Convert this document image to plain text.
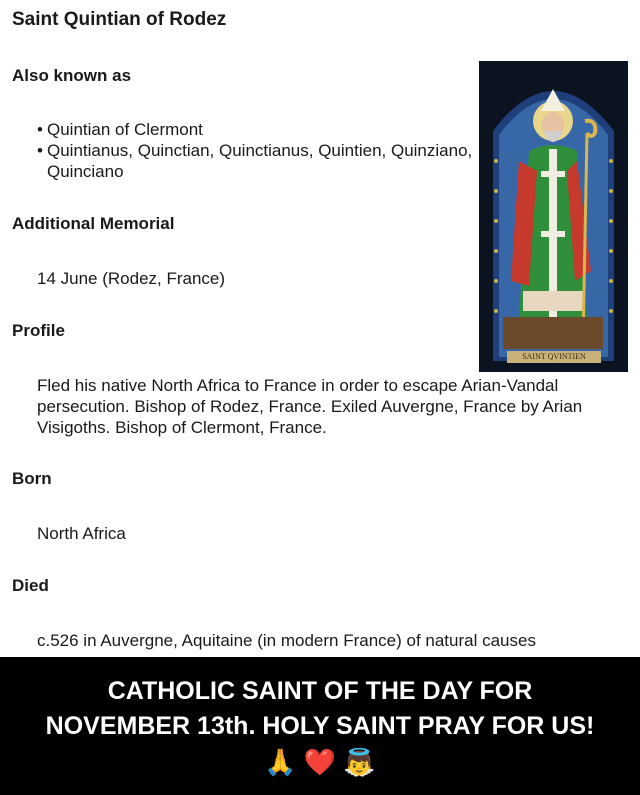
Saint Quintian of Rodez
Also known as
• Quintian of Clermont
• Quintianus, Quinctian, Quinctianus, Quintien, Quinziano, Quinciano
Additional Memorial
14 June (Rodez, France)
Profile
Fled his native North Africa to France in order to escape Arian-Vandal persecution. Bishop of Rodez, France. Exiled Auvergne, France by Arian Visigoths. Bishop of Clermont, France.
Born
North Africa
Died
c.526 in Auvergne, Aquitaine (in modern France) of natural causes
SAINT QVINTIEN
CATHOLIC SAINT OF THE DAY FOR
NOVEMBER 13th. HOLY SAINT PRAY FOR US!
🙏 ❤️ 👼
